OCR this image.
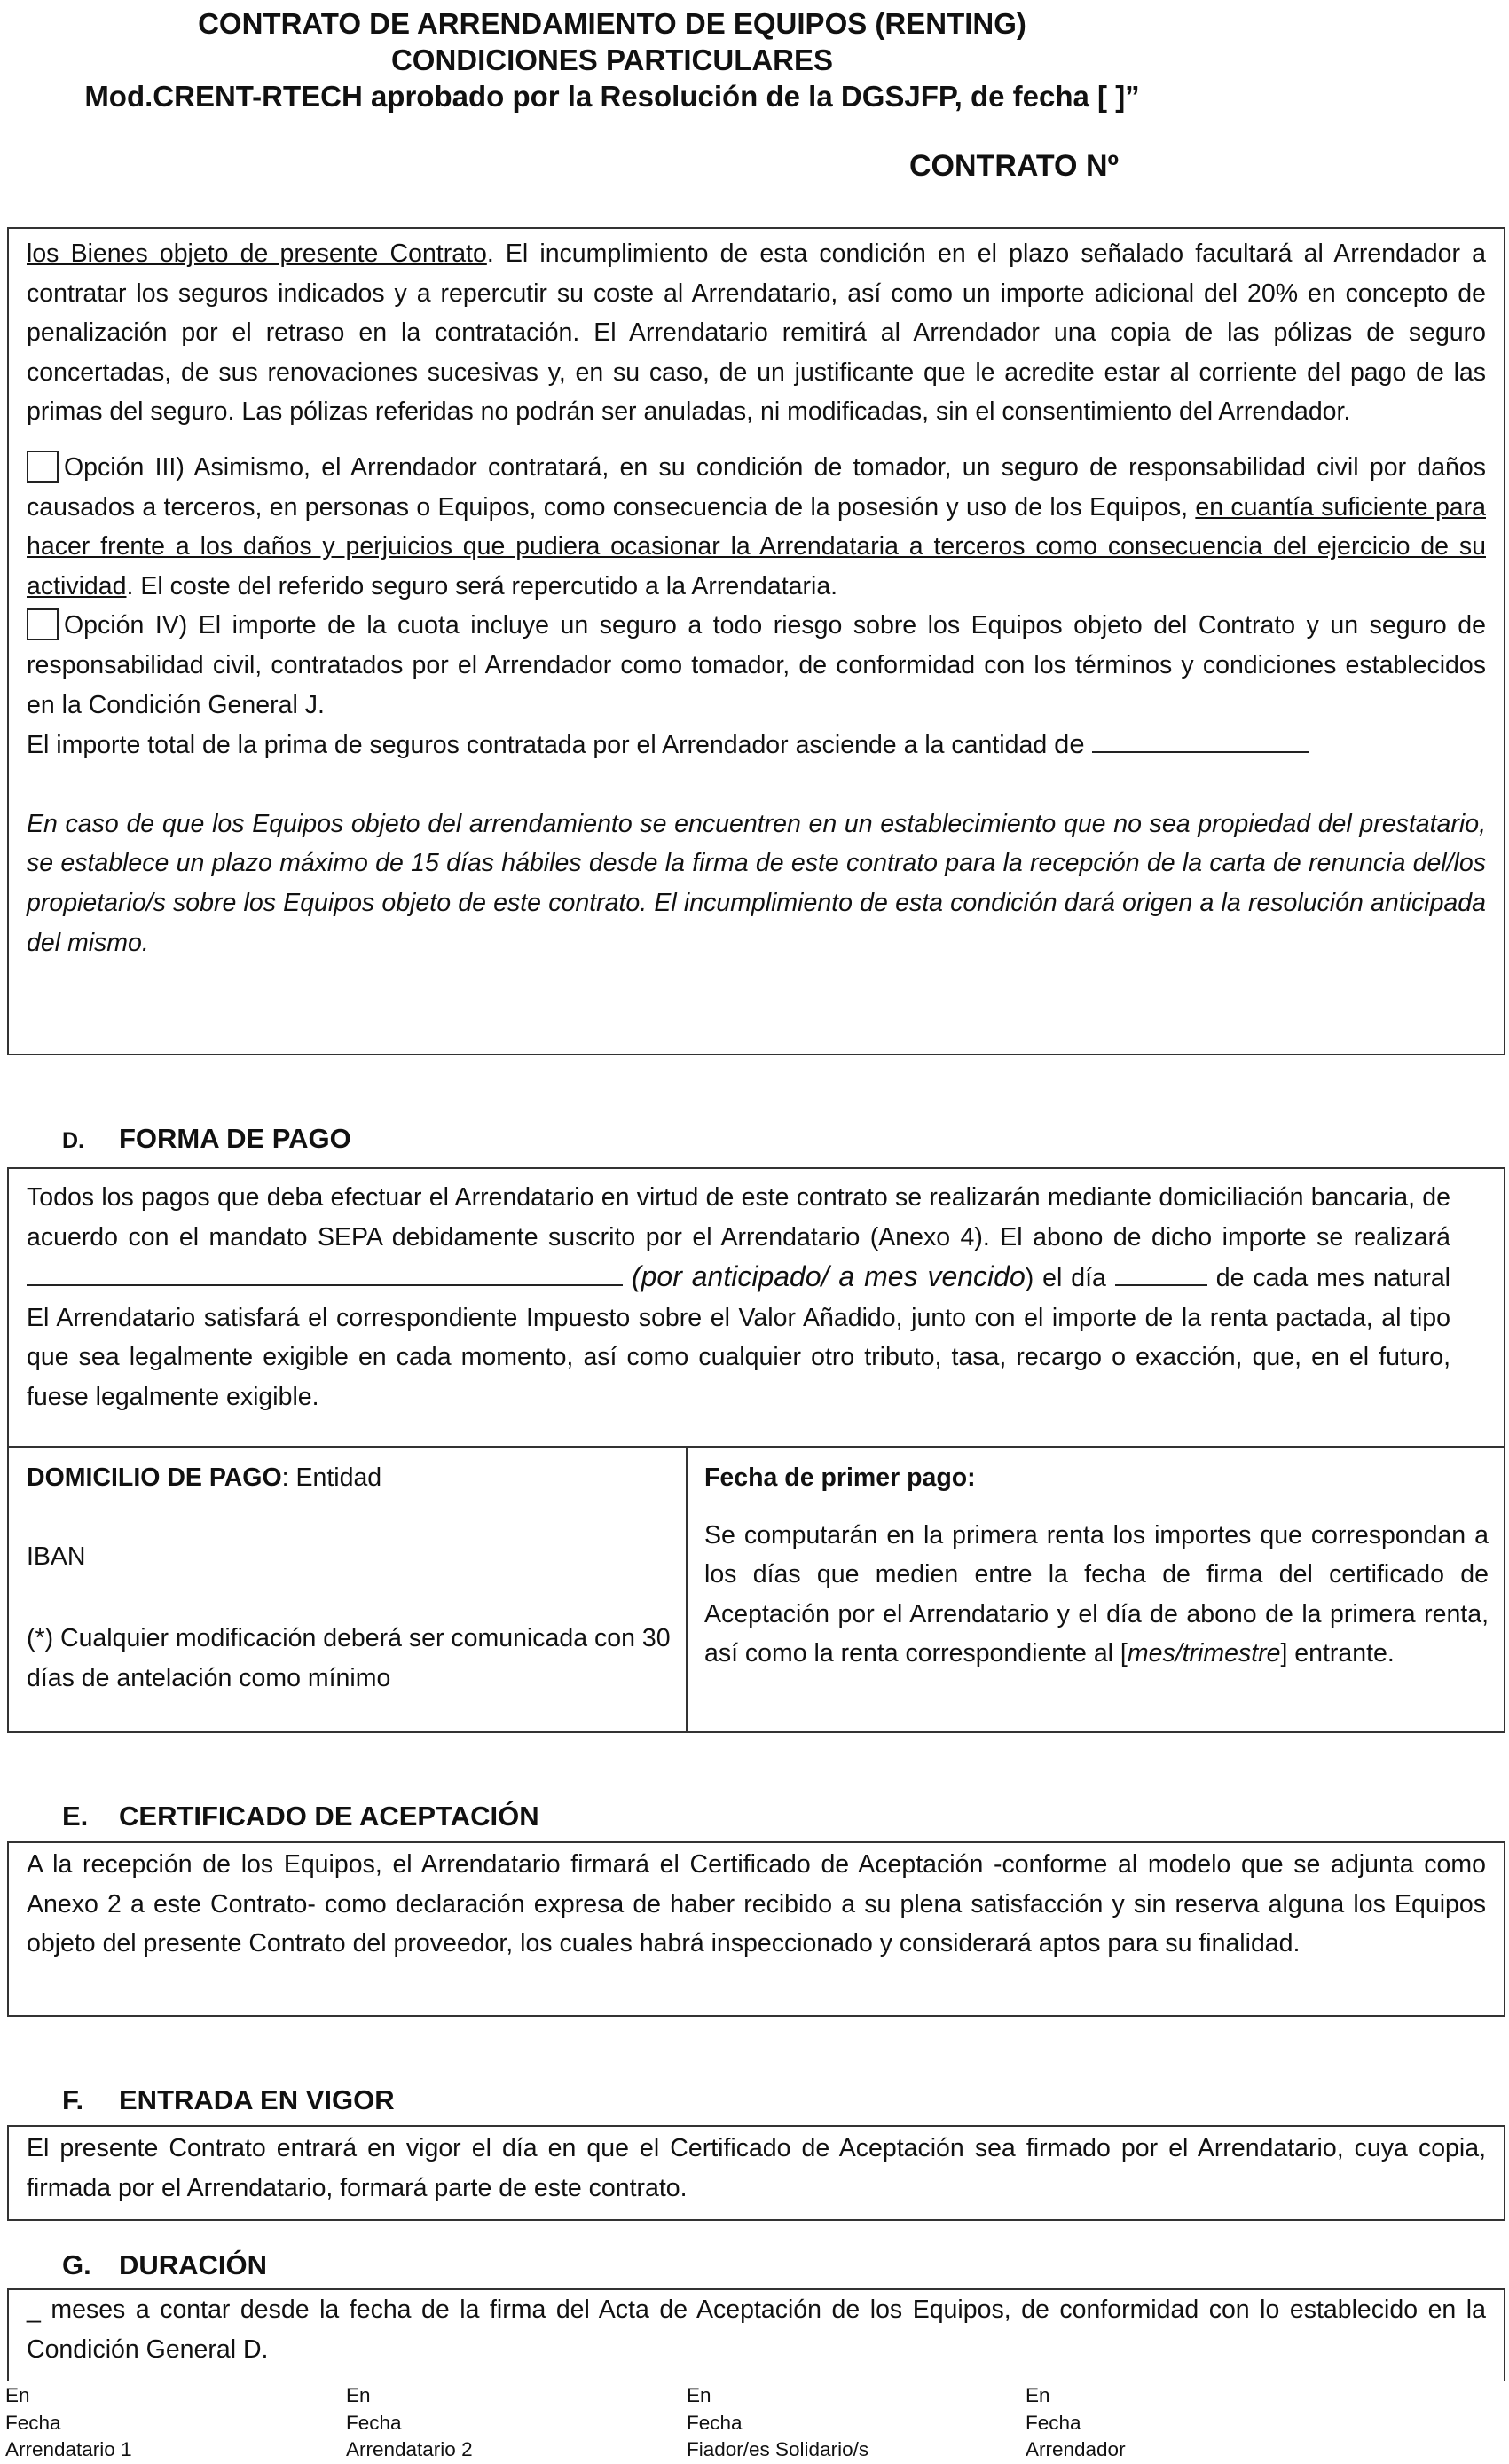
CONTRATO DE ARRENDAMIENTO DE EQUIPOS (RENTING)
CONDICIONES PARTICULARES
Mod.CRENT-RTECH aprobado por la Resolución de la DGSJFP, de fecha [ ]”
CONTRATO Nº

los Bienes objeto de presente Contrato. El incumplimiento de esta condición en el plazo señalado facultará al Arrendador a contratar los seguros indicados y a repercutir su coste al Arrendatario, así como un importe adicional del 20% en concepto de penalización por el retraso en la contratación. El Arrendatario remitirá al Arrendador una copia de las pólizas de seguro concertadas, de sus renovaciones sucesivas y, en su caso, de un justificante que le acredite estar al corriente del pago de las primas del seguro. Las pólizas referidas no podrán ser anuladas, ni modificadas, sin el consentimiento del Arrendador.

Opción III) Asimismo, el Arrendador contratará, en su condición de tomador, un seguro de responsabilidad civil por daños causados a terceros, en personas o Equipos, como consecuencia de la posesión y uso de los Equipos, en cuantía suficiente para hacer frente a los daños y perjuicios que pudiera ocasionar la Arrendataria a terceros como consecuencia del ejercicio de su actividad. El coste del referido seguro será repercutido a la Arrendataria.

Opción IV) El importe de la cuota incluye un seguro a todo riesgo sobre los Equipos objeto del Contrato y un seguro de responsabilidad civil, contratados por el Arrendador como tomador, de conformidad con los términos y condiciones establecidos en la Condición General J.

El importe total de la prima de seguros contratada por el Arrendador asciende a la cantidad de

En caso de que los Equipos objeto del arrendamiento se encuentren en un establecimiento que no sea propiedad del prestatario, se establece un plazo máximo de 15 días hábiles desde la firma de este contrato para la recepción de la carta de renuncia del/los propietario/s sobre los Equipos objeto de este contrato. El incumplimiento de esta condición dará origen a la resolución anticipada del mismo.

D. FORMA DE PAGO

Todos los pagos que deba efectuar el Arrendatario en virtud de este contrato se realizarán mediante domiciliación bancaria, de acuerdo con el mandato SEPA debidamente suscrito por el Arrendatario (Anexo 4). El abono de dicho importe se realizará (por anticipado/ a mes vencido) el día	de cada mes natural El Arrendatario satisfará el correspondiente Impuesto sobre el Valor Añadido, junto con el importe de la renta pactada, al tipo que sea legalmente exigible en cada momento, así como cualquier otro tributo, tasa, recargo o exacción, que, en el futuro, fuese legalmente exigible.

DOMICILIO DE PAGO: Entidad

IBAN

(*) Cualquier modificación deberá ser comunicada con 30 días de antelación como mínimo

Fecha de primer pago:

Se computarán en la primera renta los importes que correspondan a los días que medien entre la fecha de firma del certificado de Aceptación por el Arrendatario y el día de abono de la primera renta, así como la renta correspondiente al [mes/trimestre] entrante.

E. CERTIFICADO DE ACEPTACIÓN

A la recepción de los Equipos, el Arrendatario firmará el Certificado de Aceptación -conforme al modelo que se adjunta como Anexo 2 a este Contrato- como declaración expresa de haber recibido a su plena satisfacción y sin reserva alguna los Equipos objeto del presente Contrato del proveedor, los cuales habrá inspeccionado y considerará aptos para su finalidad.

F. ENTRADA EN VIGOR

El presente Contrato entrará en vigor el día en que el Certificado de Aceptación sea firmado por el Arrendatario, cuya copia, firmada por el Arrendatario, formará parte de este contrato.

G. DURACIÓN

_ meses a contar desde la fecha de la firma del Acta de Aceptación de los Equipos, de conformidad con lo establecido en la Condición General D.

En
Fecha
Arrendatario 1
En
Fecha
Arrendatario 2
En
Fecha
Fiador/es Solidario/s
En
Fecha
Arrendador
